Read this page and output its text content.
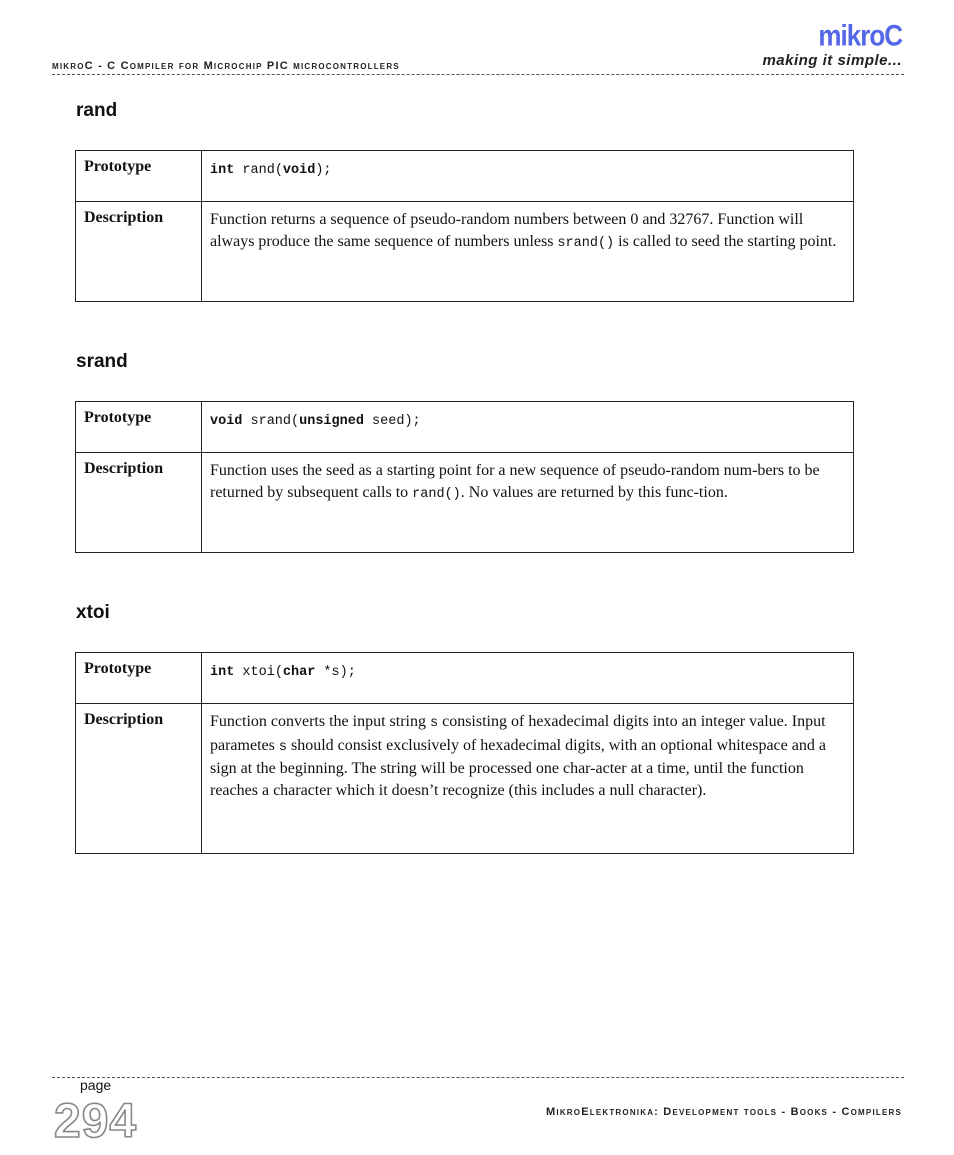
mikroC - C Compiler for Microchip PIC microcontrollers
mikroC
making it simple...
rand
Prototype	int rand(void);
Description	Function returns a sequence of pseudo-random numbers between 0 and 32767. Function will always produce the same sequence of numbers unless srand() is called to seed the starting point.
srand
Prototype	void srand(unsigned seed);
Description	Function uses the seed as a starting point for a new sequence of pseudo-random num-bers to be returned by subsequent calls to rand(). No values are returned by this func-tion.
xtoi
Prototype	int xtoi(char *s);
Description	Function converts the input string s consisting of hexadecimal digits into an integer value. Input parametes s should consist exclusively of hexadecimal digits, with an optional whitespace and a sign at the beginning. The string will be processed one char-acter at a time, until the function reaches a character which it doesn’t recognize (this includes a null character).
page
294	MikroElektronika: Development tools - Books - Compilers
